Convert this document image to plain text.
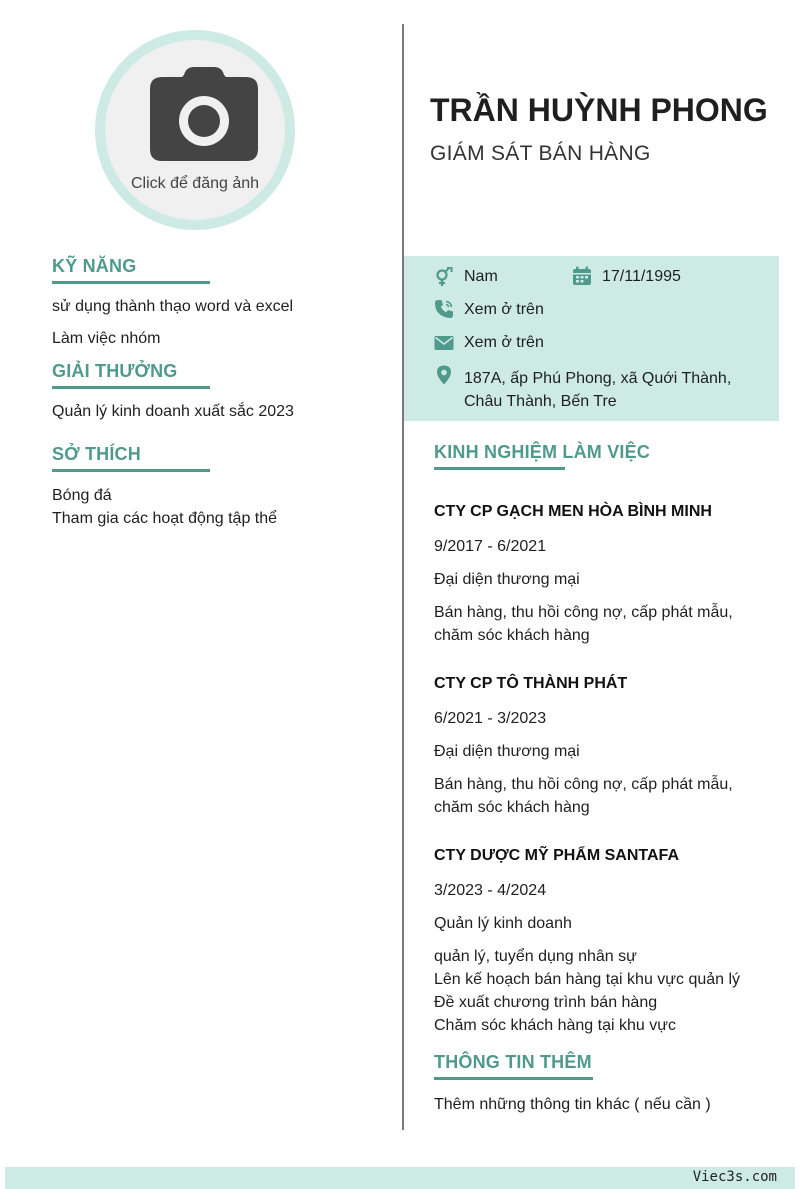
Click để đăng ảnh
TRẦN HUỲNH PHONG
GIÁM SÁT BÁN HÀNG
KỸ NĂNG
sử dụng thành thạo word và excel
Làm việc nhóm
GIẢI THƯỞNG
Quản lý kinh doanh xuất sắc 2023
SỞ THÍCH
Bóng đá
Tham gia các hoạt động tập thể
Nam	17/11/1995
Xem ở trên
Xem ở trên
187A, ấp Phú Phong, xã Quới Thành,
Châu Thành, Bến Tre
KINH NGHIỆM LÀM VIỆC
CTY CP GẠCH MEN HÒA BÌNH MINH
9/2017 - 6/2021
Đại diện thương mại
Bán hàng, thu hồi công nợ, cấp phát mẫu,
chăm sóc khách hàng
CTY CP TÔ THÀNH PHÁT
6/2021 - 3/2023
Đại diện thương mại
Bán hàng, thu hồi công nợ, cấp phát mẫu,
chăm sóc khách hàng
CTY DƯỢC MỸ PHẨM SANTAFA
3/2023 - 4/2024
Quản lý kinh doanh
quản lý, tuyển dụng nhân sự
Lên kế hoạch bán hàng tại khu vực quản lý
Đề xuất chương trình bán hàng
Chăm sóc khách hàng tại khu vực
THÔNG TIN THÊM
Thêm những thông tin khác ( nếu cần )
Viec3s.com
